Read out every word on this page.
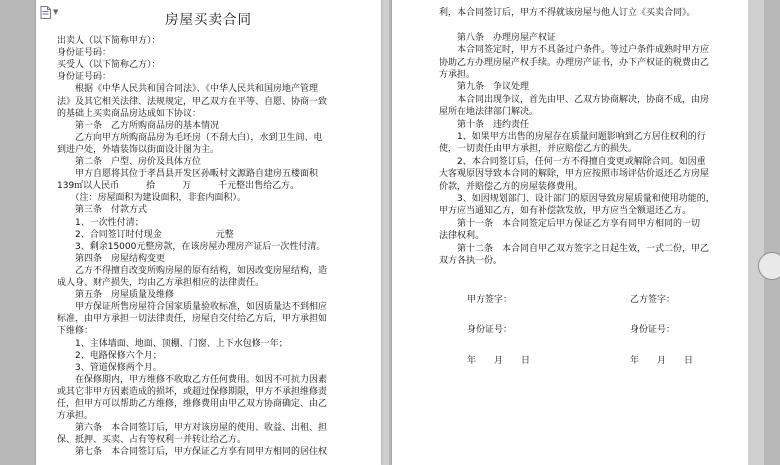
▼	房屋买卖合同
出卖人（以下简称甲方）：
身份证号码：
买受人（以下简称乙方）：
身份证号码：
　　根据《中华人民共和国合同法》、《中华人民共和国房地产管理
法》及其它相关法律、法规规定，甲乙双方在平等、自愿、协商一致
的基础上买卖商品房达成如下协议：
　　第一条　乙方所购商品房的基本情况
　　乙方向甲方所购商品房为毛坯房（不刮大白），水到卫生间、电
到进户处，外墙装饰以街面设计图为主。
　　第二条　户型、房价及具体方位
　　甲方自愿将其位于孝昌县开发区孙畈村文源路自建房五楼面积
139㎡以人民币　　　拾　　　万　　　千元整出售给乙方。
　　（注：房屋面积为建设面积，非套内面积）。
　　第三条　付款方式
　　1、一次性付清；
　　2、合同签订时付现金　　　　　　元整
　　3、剩余15000元整房款，在该房屋办理房产证后一次性付清。
　　第四条　房屋结构变更
　　乙方不得擅自改变所购房屋的原有结构，如因改变房屋结构，造
成人身、财产损失，均由乙方承担相应的法律责任。
　　第五条　房屋质量及维修
　　甲方保证所售房屋符合国家质量验收标准，如因质量达不到相应
标准，由甲方承担一切法律责任，房屋自交付给乙方后，甲方承担如
下维修：
　　1、主体墙面、地面、顶棚、门窗、上下水包修一年；
　　2、电路保修六个月；
　　3、管道保修两个月。
　　在保修期内，甲方维修不收取乙方任何费用。如因不可抗力因素
或其它非甲方因素造成的损坏，或超过保修期限，甲方不承担维修责
任，但甲方可以帮助乙方维修，维修费用由甲乙双方协商确定、由乙
方承担。
　　第六条　本合同签订后，甲方对该房屋的使用、收益、出租、担
保、抵押、买卖、占有等权利一并转让给乙方。
　　第七条　本合同签订后，甲方保证乙方享有同甲方相同的居住权
利，本合同签订后，甲方不得就该房屋与他人订立《买卖合同》。
　　第八条　办理房屋产权证
　　本合同签定时，甲方不具备过户条件。等过户条件成熟时甲方应
协助乙方办理房屋产权手续。办理房产证书，办下产权证的税费由乙
方承担。
　　第九条　争议处理
　　本合同出现争议，首先由甲、乙双方协商解决，协商不成，由房
屋所在地法律部门解决。
　　第十条　违约责任
　　1、如果甲方出售的房屋存在质量问题影响到乙方居住权利的行
使，一切责任由甲方承担，并应赔偿乙方的损失。
　　2、本合同签订后，任何一方不得擅自变更或解除合同。如因重
大客观原因导致本合同的解除，甲方应按照市场评估价返还乙方房屋
价款，并赔偿乙方的房屋装修费用。
　　3、如因规划部门、设计部门的原因导致房屋质量和使用功能的，
甲方应当通知乙方，如有补偿款发放，甲方应当全额退还乙方。
　　第十一条　本合同签定后甲方保证乙方享有同甲方相同的一切
法律权利。
　　第十二条　本合同自甲乙双方签字之日起生效，一式二份，甲乙
双方各执一份。
甲方签字：	乙方签字：
身份证号：	身份证号：
年　　月　　日	年　　月　　日
